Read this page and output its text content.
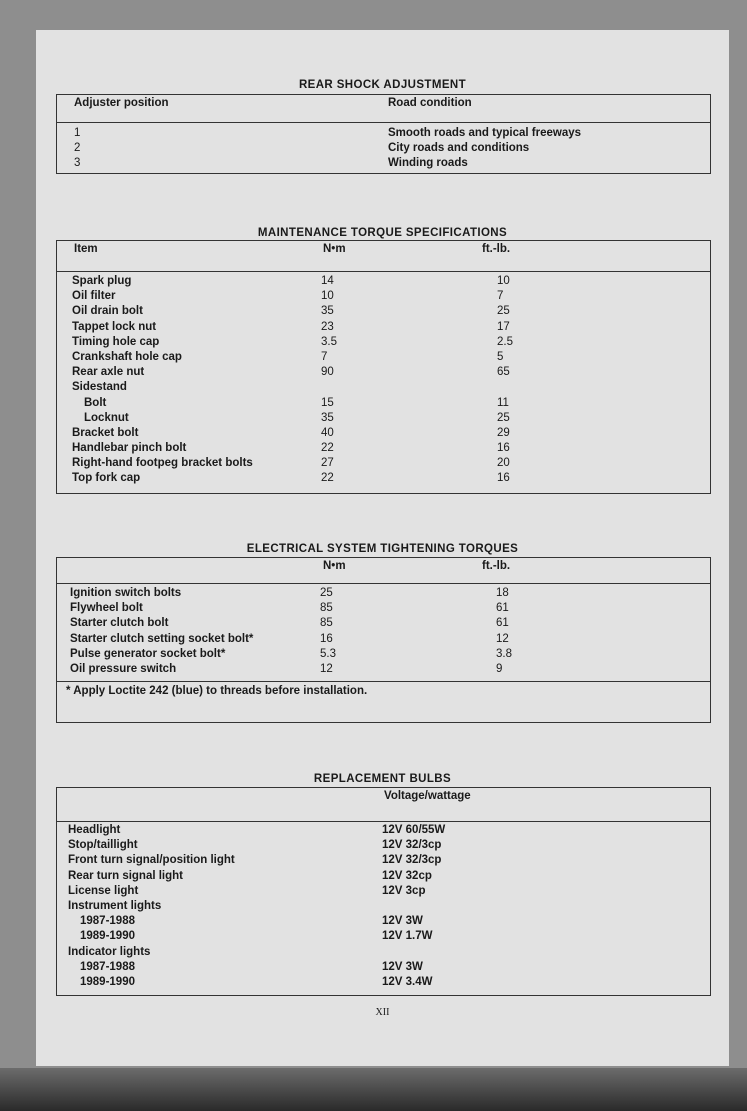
REAR SHOCK ADJUSTMENT
Adjuster position	Road condition
1	Smooth roads and typical freeways
2	City roads and conditions
3	Winding roads
MAINTENANCE TORQUE SPECIFICATIONS
Item	N•m	ft.-lb.
Spark plug	14	10
Oil filter	10	7
Oil drain bolt	35	25
Tappet lock nut	23	17
Timing hole cap	3.5	2.5
Crankshaft hole cap	7	5
Rear axle nut	90	65
Sidestand
Bolt	15	11
Locknut	35	25
Bracket bolt	40	29
Handlebar pinch bolt	22	16
Right-hand footpeg bracket bolts	27	20
Top fork cap	22	16
ELECTRICAL SYSTEM TIGHTENING TORQUES
N•m	ft.-lb.
Ignition switch bolts	25	18
Flywheel bolt	85	61
Starter clutch bolt	85	61
Starter clutch setting socket bolt*	16	12
Pulse generator socket bolt*	5.3	3.8
Oil pressure switch	12	9
* Apply Loctite 242 (blue) to threads before installation.
REPLACEMENT BULBS
Voltage/wattage
Headlight	12V 60/55W
Stop/taillight	12V 32/3cp
Front turn signal/position light	12V 32/3cp
Rear turn signal light	12V 32cp
License light	12V 3cp
Instrument lights
1987-1988	12V 3W
1989-1990	12V 1.7W
Indicator lights
1987-1988	12V 3W
1989-1990	12V 3.4W
XII
